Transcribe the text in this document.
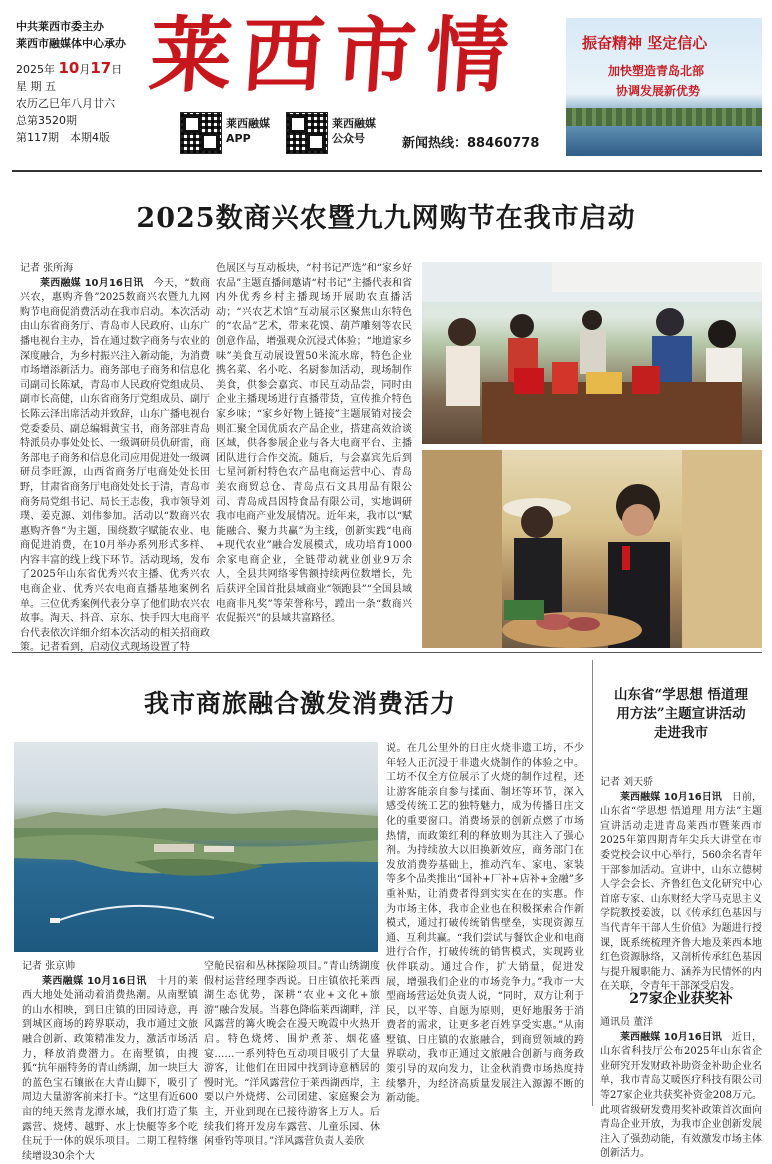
中共莱西市委主办
莱西市融媒体中心承办
2025年 10月17日
星 期 五
农历乙巳年八月廿六
总第3520期
第117期　本期4版
莱西市情
莱西融媒
APP
莱西融媒
公众号	新闻热线：88460778
振奋精神 坚定信心
加快塑造青岛北部
协调发展新优势
2025数商兴农暨九九网购节在我市启动
记者 张所海

莱西融媒 10月16日讯　 今天，“数商兴农，惠购齐鲁”2025数商兴农暨九九网购节电商促消费活动在我市启动。本次活动由山东省商务厅、青岛市人民政府、山东广播电视台主办，旨在通过数字商务与农业的深度融合，为乡村振兴注入新动能，为消费市场增添新活力。商务部电子商务和信息化司副司长陈斌，青岛市人民政府党组成员、副市长高健，山东省商务厅党组成员、副厅长陈云泽出席活动并致辞，山东广播电视台党委委员、副总编辑黄宝书，商务部驻青岛特派员办事处处长、一级调研员仇研雷，商务部电子商务和信息化司应用促进处一级调研员李旺源，山西省商务厅电商处处长田野，甘肃省商务厅电商处处长于清，青岛市商务局党组书记、局长王志俊，我市领导刘璞、姜克源、刘伟参加。活动以“数商兴农 惠购齐鲁”为主题，围绕数字赋能农业、电商促进消费，在10月举办系列形式多样、内容丰富的线上线下环节。活动现场，发布了2025年山东省优秀兴农主播、优秀兴农电商企业、优秀兴农电商直播基地案例名单。三位优秀案例代表分享了他们助农兴农故事。淘天、抖音、京东、快手四大电商平台代表依次详细介绍本次活动的相关招商政策。记者看到，启动仪式现场设置了特

色展区与互动板块，“村书记严选”和“家乡好农品”主题直播间邀请“村书记”主播代表和省内外优秀乡村主播现场开展助农直播活动；“兴农艺术馆”互动展示区聚焦山东特色的“农品”艺术，带来花馍、葫芦雕刻等农民创意作品，增强观众沉浸式体验；“地道家乡味”美食互动展设置50米流水席，特色企业携名菜、名小吃、名厨参加活动，现场制作美食，供参会嘉宾、市民互动品尝，同时由企业主播现场进行直播带货，宣传推介特色家乡味；“家乡好物上链接”主题展销对接会则汇聚全国优质农产品企业，搭建高效洽谈区域，供各参展企业与各大电商平台、主播团队进行合作交流。随后，与会嘉宾先后到七星河新村特色农产品电商运营中心、青岛美农商贸总仓、青岛点石文具用品有限公司、青岛成昌因特食品有限公司，实地调研我市电商产业发展情况。近年来，我市以“赋能融合、聚力共赢”为主线，创新实践“电商+现代农业”融合发展模式，成功培育1000余家电商企业，全链带动就业创业9万余人，全县共网络零售额持续两位数增长，先后获评全国首批县域商业“领跑县”“全国县域电商非凡奖”等荣誉称号，蹚出一条“数商兴农促振兴”的县域共富路径。

我市商旅融合激发消费活力
记者 张京帅

莱西融媒 10月16日讯　 十月的莱西大地处处涌动着消费热潮。从南墅镇的山水相映，到日庄镇的田园诗意，再到城区商场的跨界联动，我市通过文旅融合创新、政策精准发力，激活市场活力，释放消费潜力。在南墅镇，由搜狐“抗年丽特务的青山绣湖，加一块巨大的蓝色宝石镶嵌在大青山脚下，吸引了周边大量游客前来打卡。“这里有近600亩的纯天然青龙潭水域，我们打造了集露营、烧烤、越野、水上快艇等多个吃住玩于一体的娱乐项目。二期工程特继续增设30余个大

空舱民宿和丛林探险项目。”青山绣湖度假村运营经理李西说。日庄镇依托莱西湖生态优势，深耕“农业+文化+旅游”融合发展。当暮色降临莱西湖畔，洋风露营的篝火晚会在漫天晚霞中火热开启。特色烧烤、围炉煮茶、烟花盛宴……一系列特色互动项目吸引了大量游客，让他们在田园中找到诗意栖居的慢时光。“洋风露营位于莱西湖西岸，主要以户外烧烤、公司团建、家庭聚会为主，开业到现在已接待游客上万人。后续我们将开发房车露营、儿童乐园、休闲垂钓等项目。”洋风露营负责人姜欣

说。在几公里外的日庄火烧非遗工坊，不少年轻人正沉浸于非遗火烧制作的体验之中。工坊不仅全方位展示了火烧的制作过程，还让游客能亲自参与揉面、制坯等环节，深入感受传统工艺的独特魅力，成为传播日庄文化的重要窗口。消费场景的创新点燃了市场热情，而政策红利的释放则为其注入了强心剂。为持续放大以旧换新效应，商务部门在发放消费券基础上，推动汽车、家电、家装等多个品类推出“国补+厂补+店补+金融”多重补贴，让消费者得到实实在在的实惠。作为市场主体，我市企业也在积极探索合作新模式，通过打破传统销售壁垒，实现资源互通、互利共赢。“我们尝试与餐饮企业和电商进行合作，打破传统的销售模式，实现跨业伙伴联动。通过合作，扩大销量，促进发展，增强我们企业的市场竞争力。”我市一大型商场营运处负责人说，“同时，双方让利于民，以平等、自愿为原则，更好地服务于消费者的需求，让更多老百姓享受实惠。”从南墅镇、日庄镇的农旅融合，到商贸领域的跨界联动，我市正通过文旅融合创新与商务政策引导的双向发力，让金秋消费市场热度持续攀升，为经济高质量发展注入源源不断的新动能。

山东省“学思想 悟道理
用方法”主题宣讲活动
走进我市
记者 刘天骄

莱西融媒 10月16日讯　 日前，山东省“学思想 悟道理 用方法”主题宣讲活动走进青岛莱西市暨莱西市2025年第四期青年尖兵大讲堂在市委党校会议中心举行，560余名青年干部参加活动。宣讲中，山东立德树人学会会长、齐鲁红色文化研究中心首席专家、山东财经大学马克思主义学院教授姜波，以《传承红色基因与当代青年干部人生价值》为题进行授课，既系统梳理齐鲁大地及莱西本地红色资源脉络，又剖析传承红色基因与提升履职能力、涵养为民情怀的内在关联，令青年干部深受启发。

27家企业获奖补
通讯员 董洋

莱西融媒 10月16日讯　 近日，山东省科技厅公布2025年山东省企业研究开发财政补助资金补助企业名单，我市青岛艾暖医疗科技有限公司等27家企业共获奖补资金208万元。此项省级研发费用奖补政策首次面向青岛企业开放，为我市企业创新发展注入了强劲动能，有效激发市场主体创新活力。
